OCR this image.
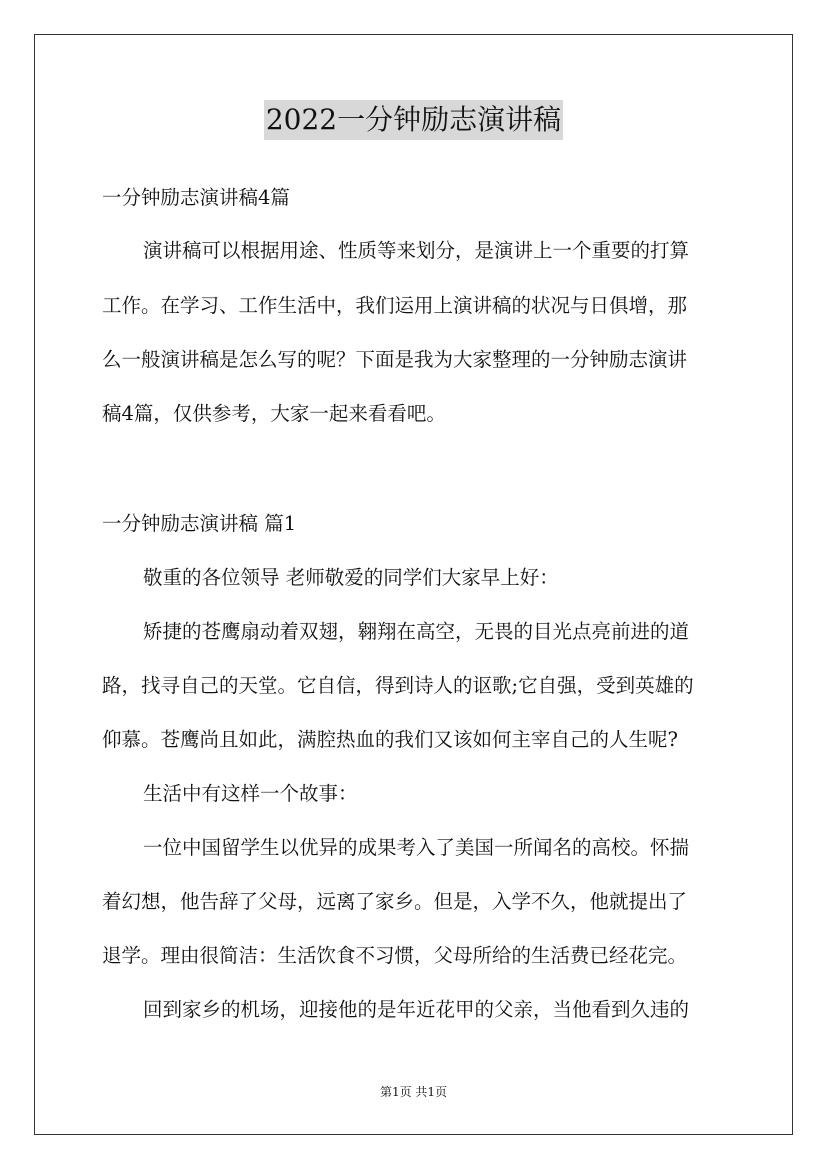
2022一分钟励志演讲稿
一分钟励志演讲稿4篇
演讲稿可以根据用途、性质等来划分，是演讲上一个重要的打算
工作。在学习、工作生活中，我们运用上演讲稿的状况与日俱增，那
么一般演讲稿是怎么写的呢？下面是我为大家整理的一分钟励志演讲
稿4篇，仅供参考，大家一起来看看吧。
一分钟励志演讲稿 篇1
敬重的各位领导 老师敬爱的同学们大家早上好：
矫捷的苍鹰扇动着双翅，翱翔在高空，无畏的目光点亮前进的道
路，找寻自己的天堂。它自信，得到诗人的讴歌;它自强，受到英雄的
仰慕。苍鹰尚且如此，满腔热血的我们又该如何主宰自己的人生呢?
生活中有这样一个故事：
一位中国留学生以优异的成果考入了美国一所闻名的高校。怀揣
着幻想，他告辞了父母，远离了家乡。但是，入学不久，他就提出了
退学。理由很简洁：生活饮食不习惯，父母所给的生活费已经花完。
回到家乡的机场，迎接他的是年近花甲的父亲，当他看到久违的
第1页 共1页
